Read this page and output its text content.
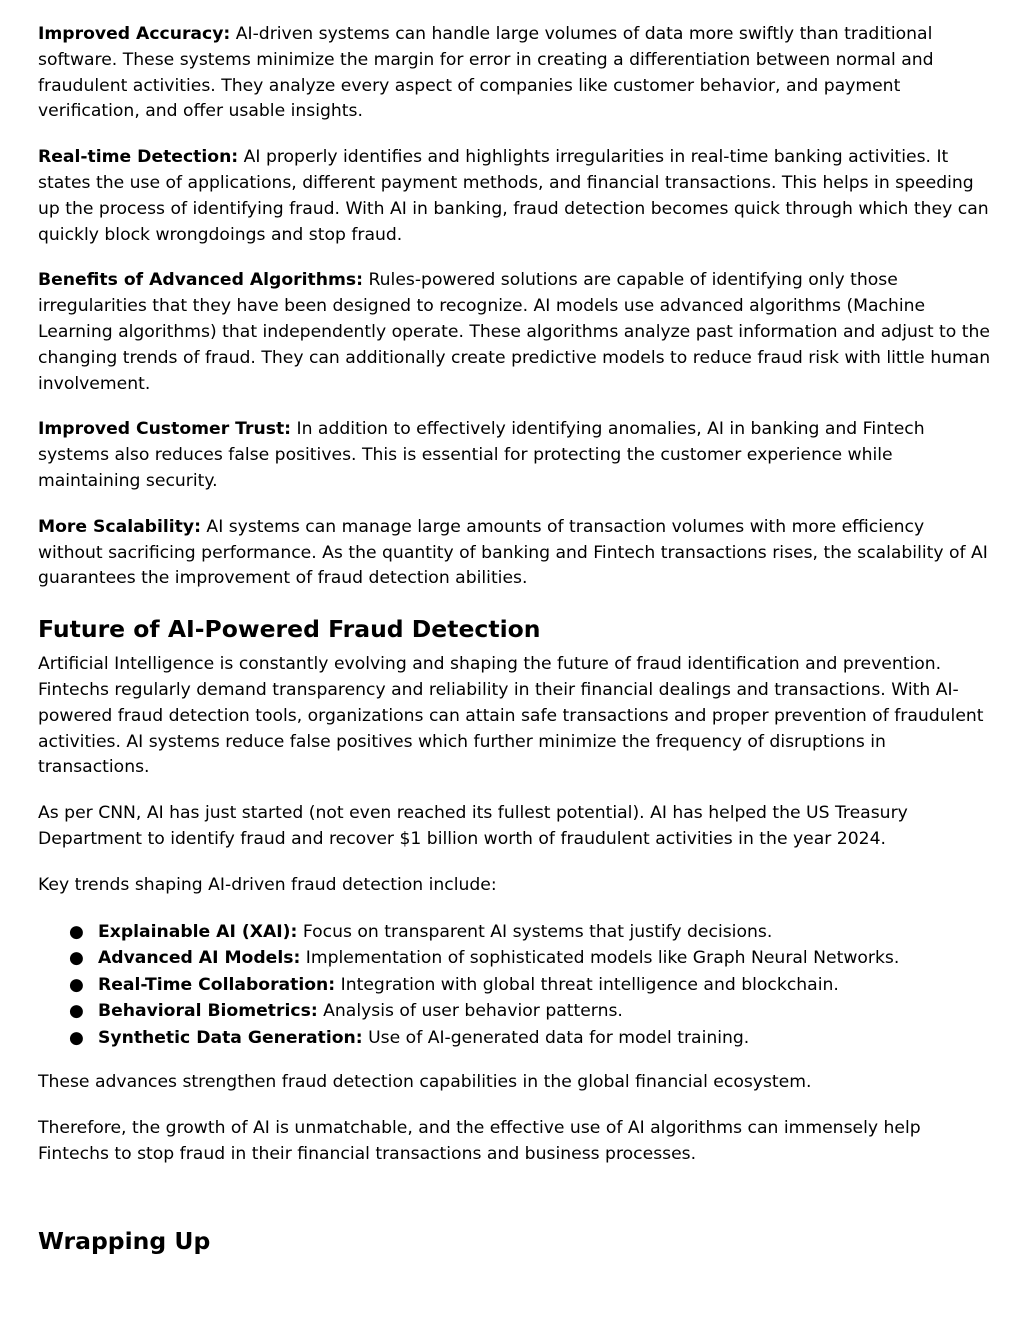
Improved Accuracy: AI-driven systems can handle large volumes of data more swiftly than traditional software. These systems minimize the margin for error in creating a differentiation between normal and fraudulent activities. They analyze every aspect of companies like customer behavior, and payment verification, and offer usable insights.

Real-time Detection: AI properly identifies and highlights irregularities in real-time banking activities. It states the use of applications, different payment methods, and financial transactions. This helps in speeding up the process of identifying fraud. With AI in banking, fraud detection becomes quick through which they can quickly block wrongdoings and stop fraud.

Benefits of Advanced Algorithms: Rules-powered solutions are capable of identifying only those irregularities that they have been designed to recognize. AI models use advanced algorithms (Machine Learning algorithms) that independently operate. These algorithms analyze past information and adjust to the changing trends of fraud. They can additionally create predictive models to reduce fraud risk with little human involvement.

Improved Customer Trust: In addition to effectively identifying anomalies, AI in banking and Fintech systems also reduces false positives. This is essential for protecting the customer experience while maintaining security.

More Scalability: AI systems can manage large amounts of transaction volumes with more efficiency without sacrificing performance. As the quantity of banking and Fintech transactions rises, the scalability of AI guarantees the improvement of fraud detection abilities.

Future of AI-Powered Fraud Detection

Artificial Intelligence is constantly evolving and shaping the future of fraud identification and prevention. Fintechs regularly demand transparency and reliability in their financial dealings and transactions. With AI-powered fraud detection tools, organizations can attain safe transactions and proper prevention of fraudulent activities. AI systems reduce false positives which further minimize the frequency of disruptions in transactions.

As per CNN, AI has just started (not even reached its fullest potential). AI has helped the US Treasury Department to identify fraud and recover $1 billion worth of fraudulent activities in the year 2024.

Key trends shaping AI-driven fraud detection include:

● Explainable AI (XAI): Focus on transparent AI systems that justify decisions.
● Advanced AI Models: Implementation of sophisticated models like Graph Neural Networks.
● Real-Time Collaboration: Integration with global threat intelligence and blockchain.
● Behavioral Biometrics: Analysis of user behavior patterns.
● Synthetic Data Generation: Use of AI-generated data for model training.

These advances strengthen fraud detection capabilities in the global financial ecosystem.

Therefore, the growth of AI is unmatchable, and the effective use of AI algorithms can immensely help Fintechs to stop fraud in their financial transactions and business processes.

Wrapping Up
